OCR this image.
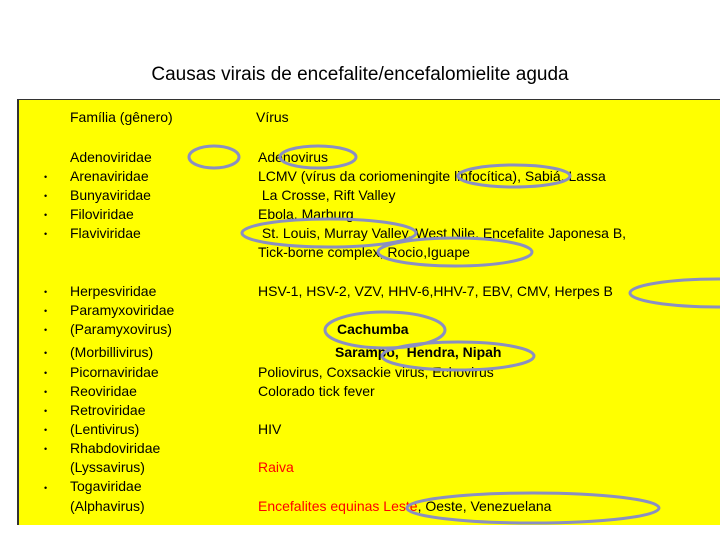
Causas virais de encefalite/encefalomielite aguda
Família (gênero)	Vírus
•
•
•
•
Adenoviridae
Arenaviridae
Bunyaviridae
Filoviridae
Flaviviridae
Adenovirus
LCMV (vírus da coriomeningite linfocítica), Sabiá, Lassa
La Crosse, Rift Valley
Ebola, Marburg
St. Louis, Murray Valley, West Nile, Encefalite Japonesa B,
Tick-borne complex, Rocio,Iguape
•
•
•
•
•
•
•
•
•
•
Herpesviridae
Paramyxoviridae
(Paramyxovirus)
(Morbillivirus)
Picornaviridae
Reoviridae
Retroviridae
(Lentivirus)
Rhabdoviridae
(Lyssavirus)
Togaviridae
(Alphavirus)
HSV-1, HSV-2, VZV, HHV-6,HHV-7, EBV, CMV, Herpes B
Cachumba
Sarampo,  Hendra, Nipah
Poliovirus, Coxsackie virus, Echovirus
Colorado tick fever
HIV
Raiva
Encefalites equinas Leste, Oeste, Venezuelana
